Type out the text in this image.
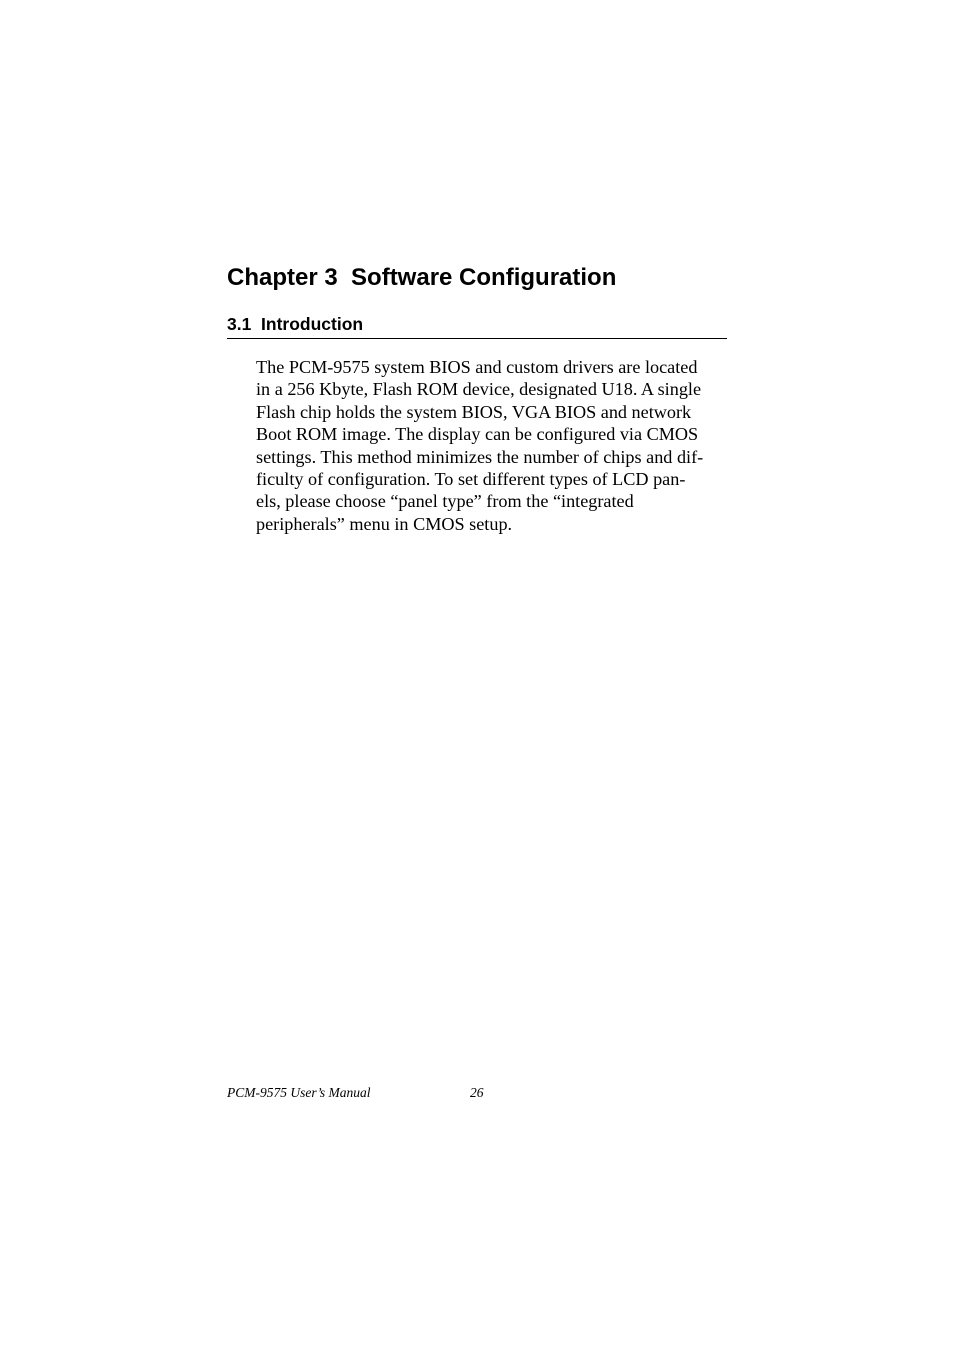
Chapter 3  Software Configuration
3.1  Introduction

The PCM-9575 system BIOS and custom drivers are located
in a 256 Kbyte, Flash ROM device, designated U18. A single
Flash chip holds the system BIOS, VGA BIOS and network
Boot ROM image. The display can be configured via CMOS
settings. This method minimizes the number of chips and dif-
ficulty of configuration. To set different types of LCD pan-
els, please choose “panel type” from the “integrated
peripherals” menu in CMOS setup.

PCM-9575 User’s Manual	26
